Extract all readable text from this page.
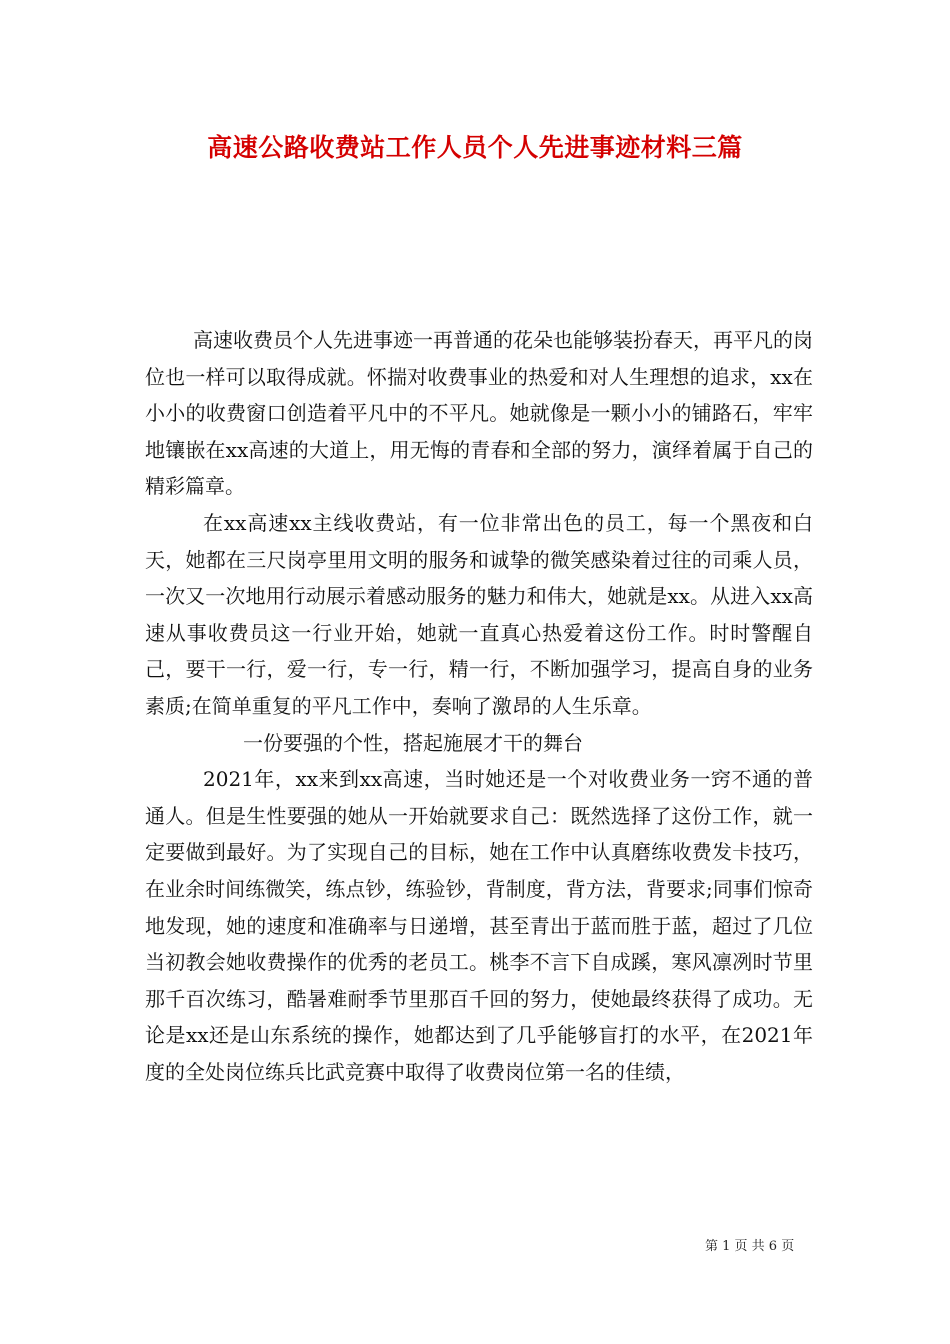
高速公路收费站工作人员个人先进事迹材料三篇

高速收费员个人先进事迹一再普通的花朵也能够装扮春天，再平凡的岗位也一样可以取得成就。怀揣对收费事业的热爱和对人生理想的追求，xx在小小的收费窗口创造着平凡中的不平凡。她就像是一颗小小的铺路石，牢牢地镶嵌在xx高速的大道上，用无悔的青春和全部的努力，演绎着属于自己的精彩篇章。

在xx高速xx主线收费站，有一位非常出色的员工，每一个黑夜和白天，她都在三尺岗亭里用文明的服务和诚挚的微笑感染着过往的司乘人员，一次又一次地用行动展示着感动服务的魅力和伟大，她就是xx。从进入xx高速从事收费员这一行业开始，她就一直真心热爱着这份工作。时时警醒自己，要干一行，爱一行，专一行，精一行，不断加强学习，提高自身的业务素质;在简单重复的平凡工作中，奏响了激昂的人生乐章。

一份要强的个性，搭起施展才干的舞台

2021年，xx来到xx高速，当时她还是一个对收费业务一窍不通的普通人。但是生性要强的她从一开始就要求自己：既然选择了这份工作，就一定要做到最好。为了实现自己的目标，她在工作中认真磨练收费发卡技巧，在业余时间练微笑，练点钞，练验钞，背制度，背方法，背要求;同事们惊奇地发现，她的速度和准确率与日递增，甚至青出于蓝而胜于蓝，超过了几位当初教会她收费操作的优秀的老员工。桃李不言下自成蹊，寒风凛冽时节里那千百次练习，酷暑难耐季节里那百千回的努力，使她最终获得了成功。无论是xx还是山东系统的操作，她都达到了几乎能够盲打的水平，在2021年度的全处岗位练兵比武竞赛中取得了收费岗位第一名的佳绩，

第 1 页 共 6 页
